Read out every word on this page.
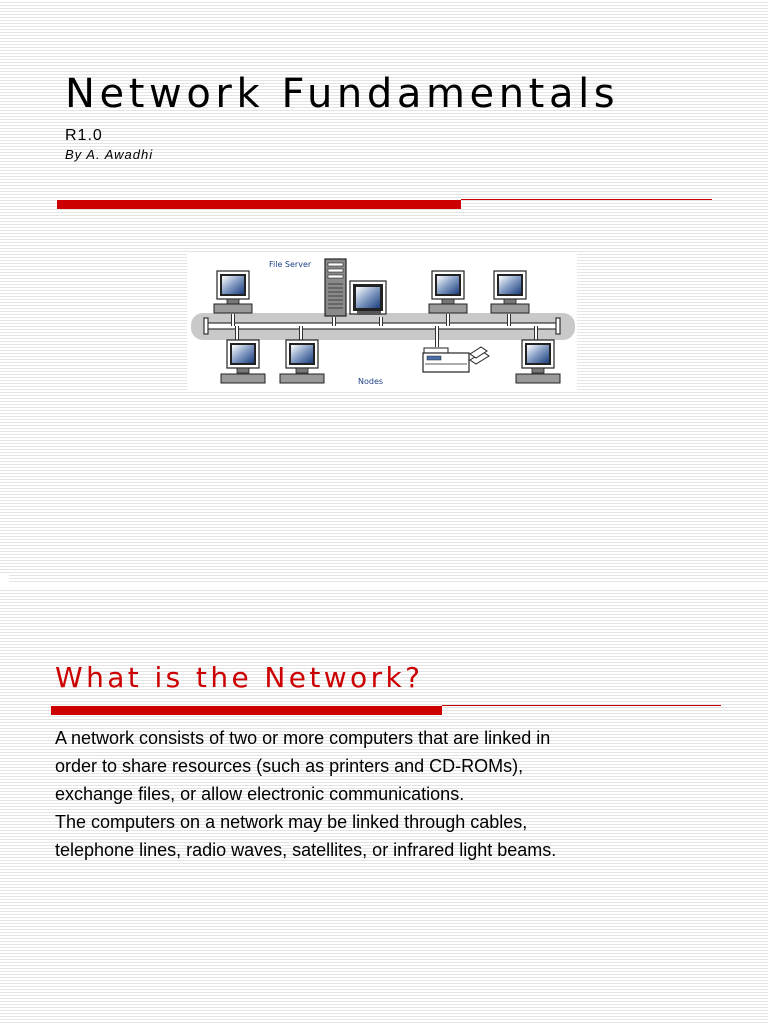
Network Fundamentals
R1.0
By A. Awadhi
File Server
Nodes
What is the Network?

A network consists of two or more computers that are linked in order to share resources (such as printers and CD-ROMs), exchange files, or allow electronic communications.

The computers on a network may be linked through cables, telephone lines, radio waves, satellites, or infrared light beams.
